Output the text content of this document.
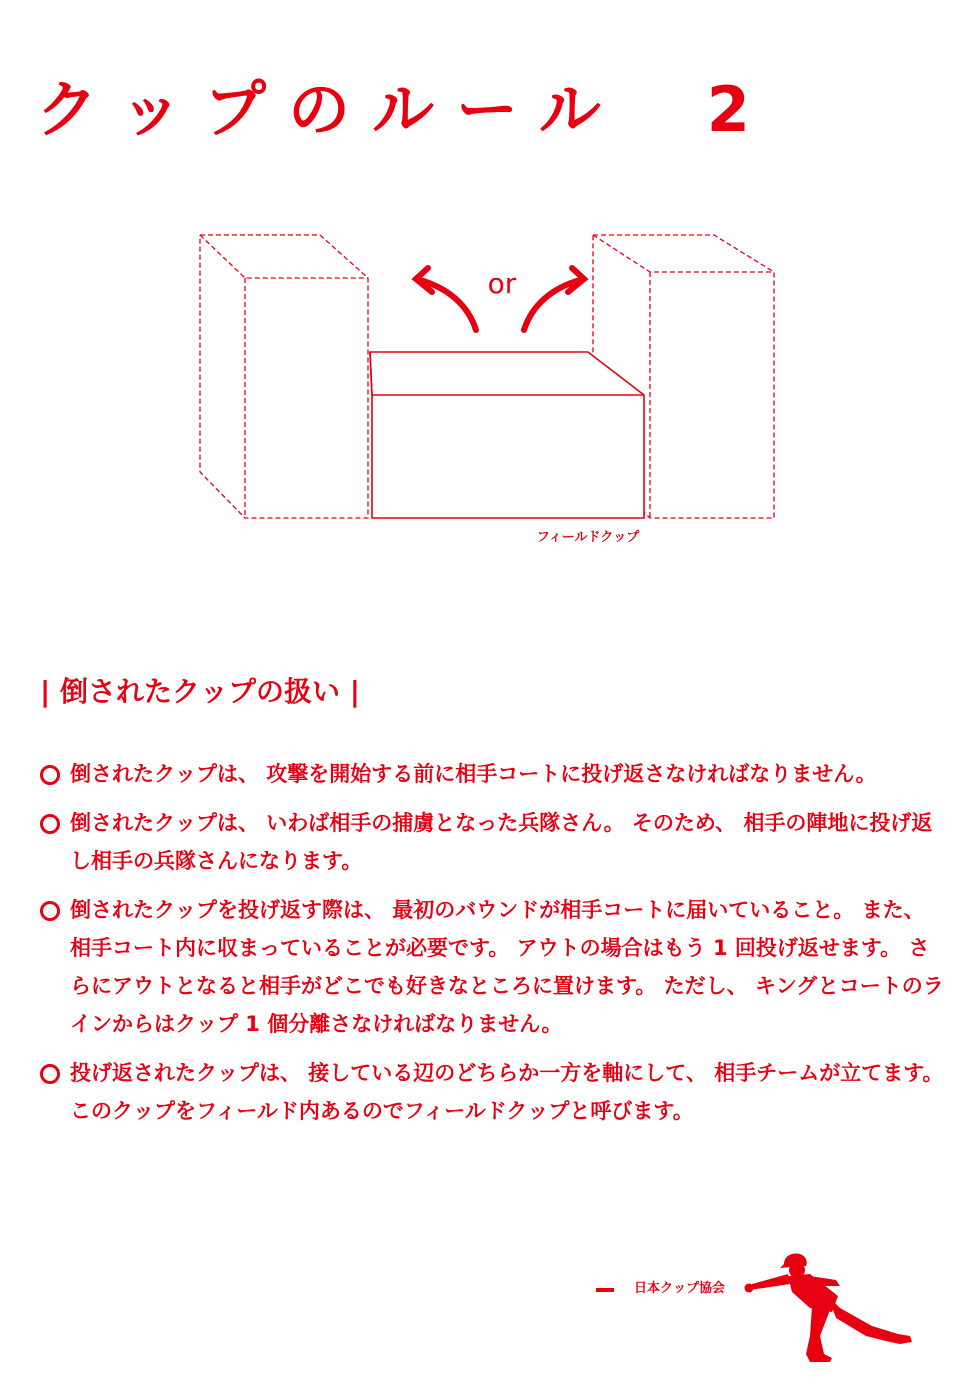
クップのルール　2
or
フィールドクップ
| 倒されたクップの扱い |
倒されたクップは、 攻撃を開始する前に相手コートに投げ返さなければなりません。
倒されたクップは、 いわば相手の捕虜となった兵隊さん。 そのため、 相手の陣地に投げ返し相手の兵隊さんになります。
倒されたクップを投げ返す際は、 最初のバウンドが相手コートに届いていること。 また、 相手コート内に収まっていることが必要です。 アウトの場合はもう 1 回投げ返せます。 さらにアウトとなると相手がどこでも好きなところに置けます。 ただし、 キングとコートのラインからはクップ 1 個分離さなければなりません。
投げ返されたクップは、 接している辺のどちらか一方を軸にして、 相手チームが立てます。 このクップをフィールド内あるのでフィールドクップと呼びます。
日本クップ協会
